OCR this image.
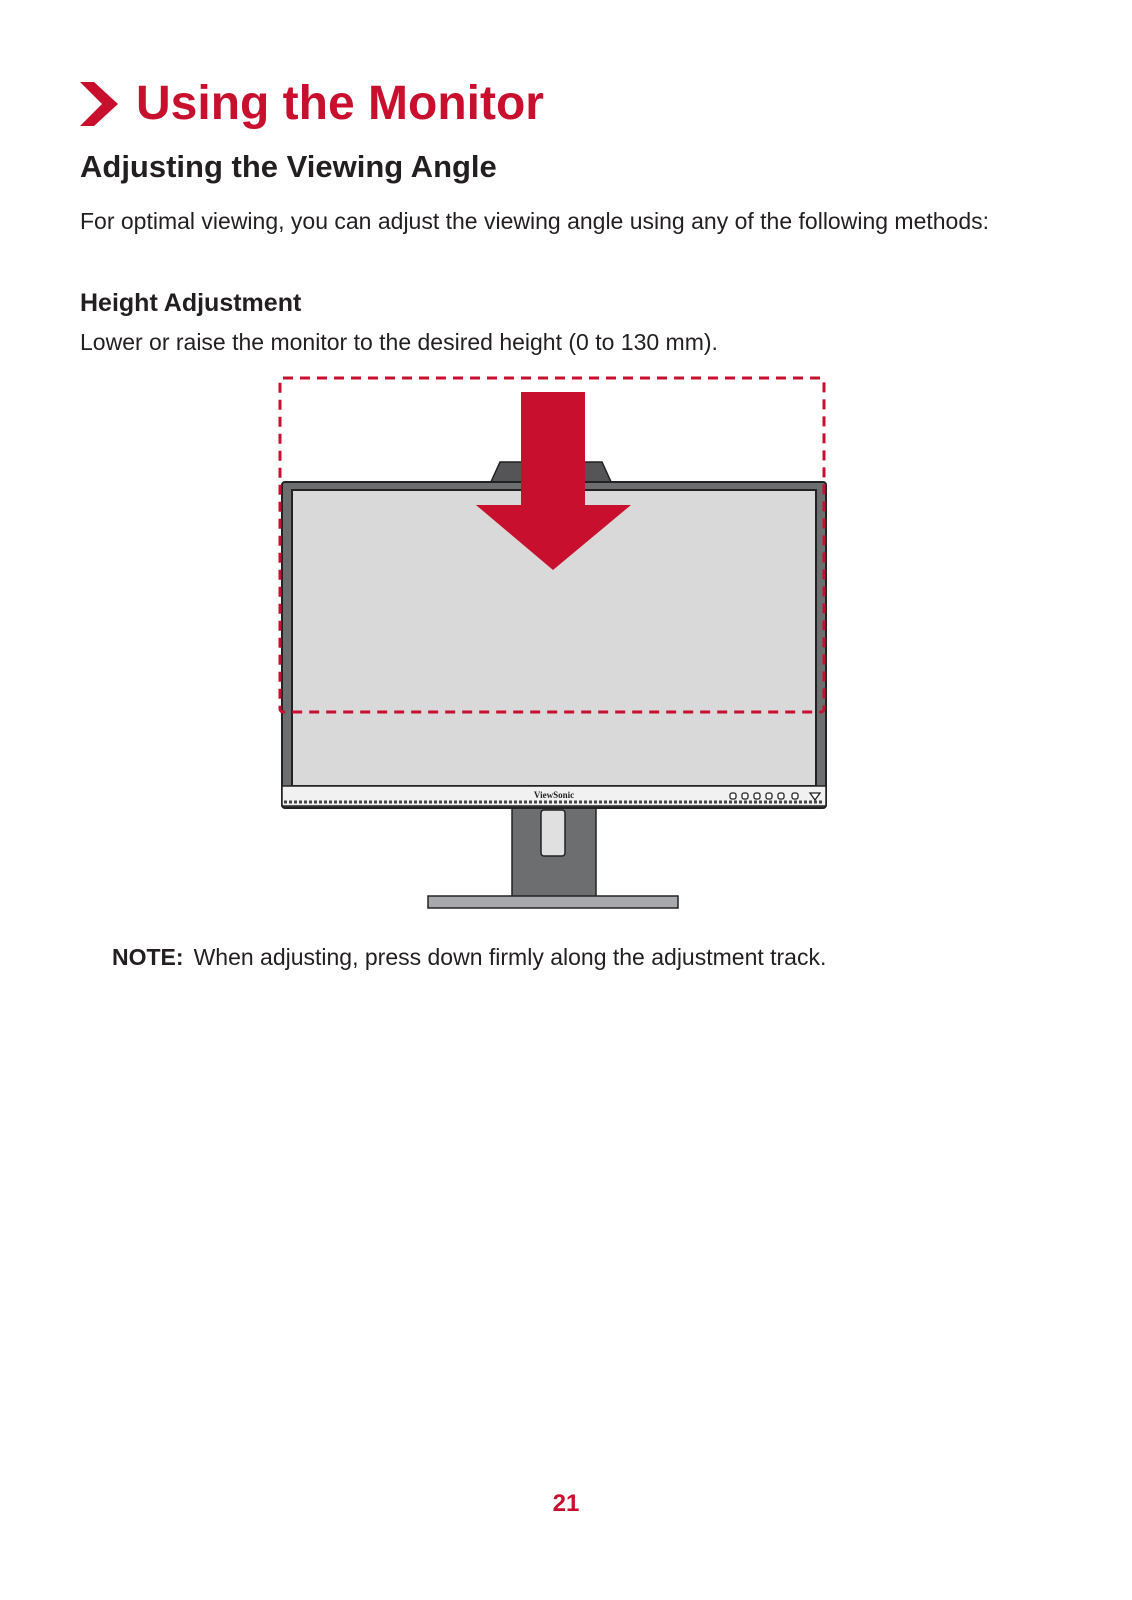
Using the Monitor
Adjusting the Viewing Angle
For optimal viewing, you can adjust the viewing angle using any of the following methods:
Height Adjustment
Lower or raise the monitor to the desired height (0 to 130 mm).
ViewSonic
NOTE: When adjusting, press down firmly along the adjustment track.
21
